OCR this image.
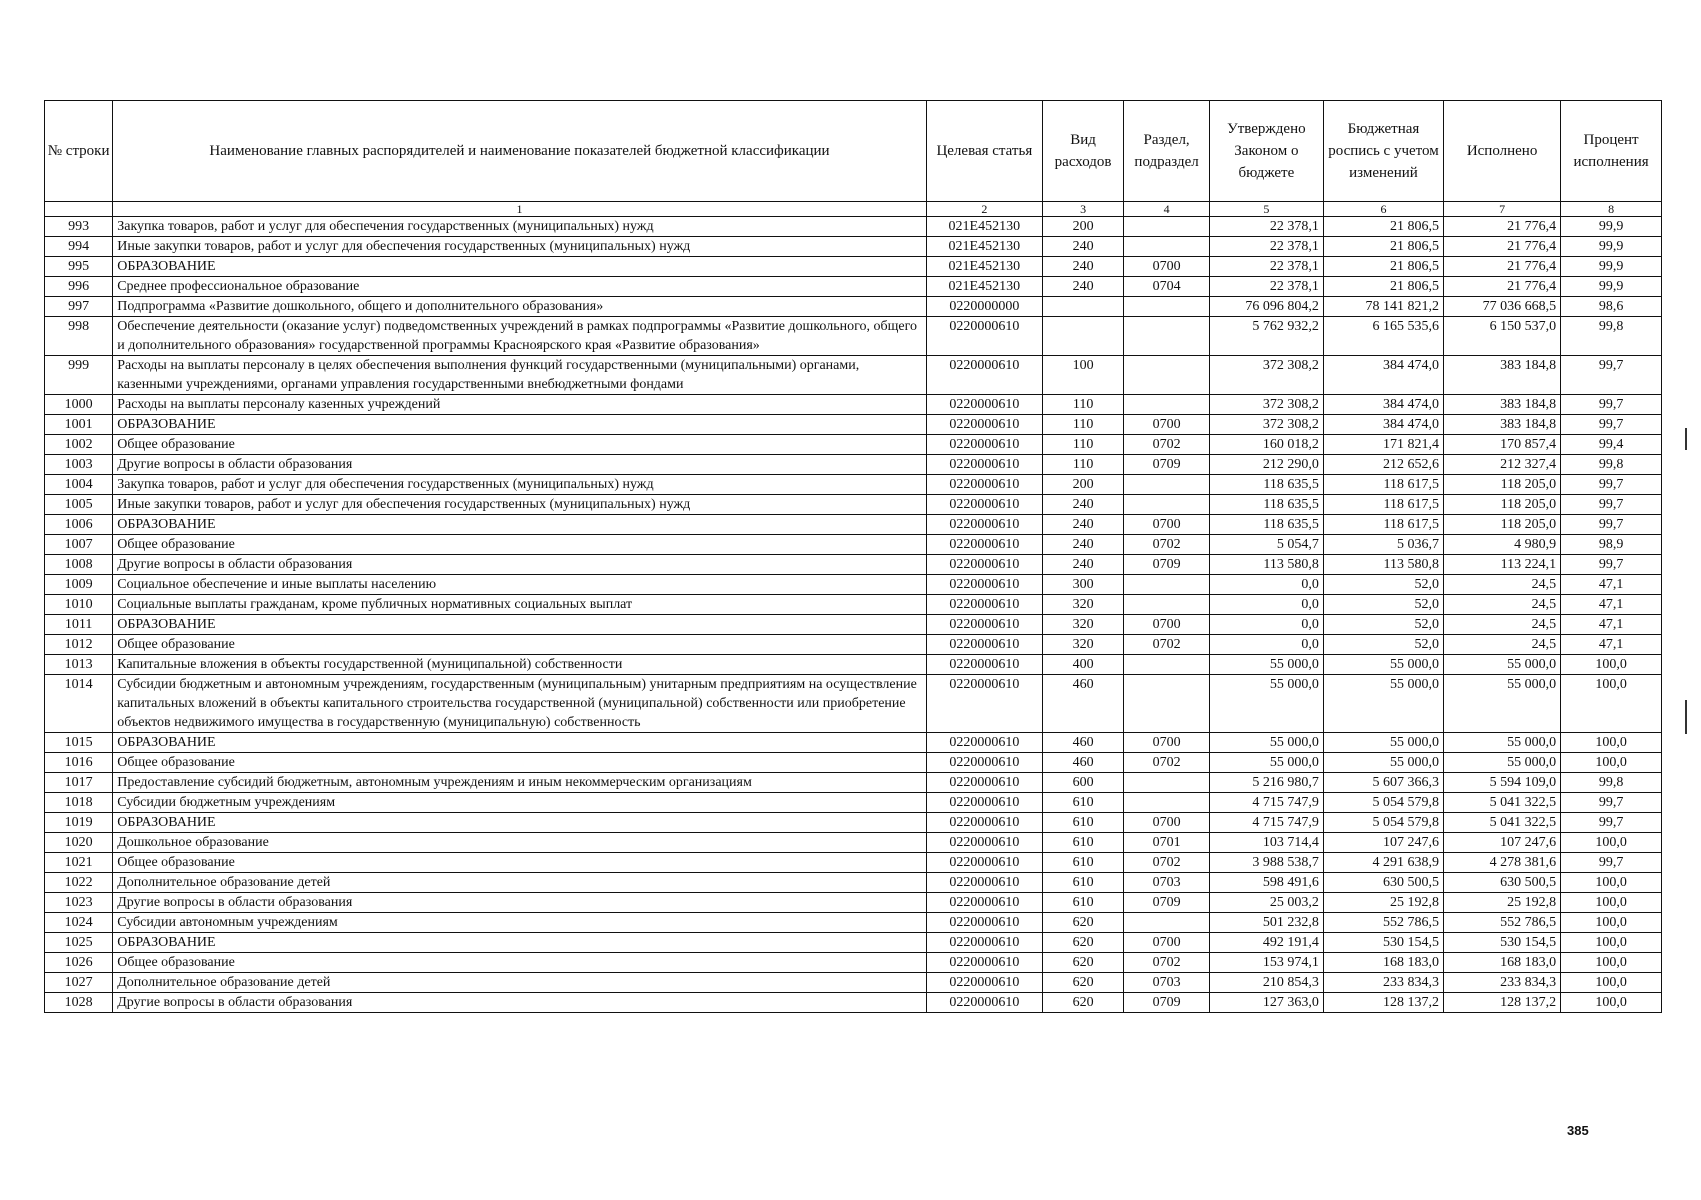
№ строки	Наименование главных распорядителей и наименование показателей бюджетной классификации	Целевая статья	Вид расходов	Раздел, подраздел	Утверждено Законом о бюджете	Бюджетная роспись с учетом изменений	Исполнено	Процент исполнения
	1	2	3	4	5	6	7	8
993	Закупка товаров, работ и услуг для обеспечения государственных (муниципальных) нужд	021E452130	200		22 378,1	21 806,5	21 776,4	99,9
994	Иные закупки товаров, работ и услуг для обеспечения государственных (муниципальных) нужд	021E452130	240		22 378,1	21 806,5	21 776,4	99,9
995	ОБРАЗОВАНИЕ	021E452130	240	0700	22 378,1	21 806,5	21 776,4	99,9
996	Среднее профессиональное образование	021E452130	240	0704	22 378,1	21 806,5	21 776,4	99,9
997	Подпрограмма «Развитие дошкольного, общего и дополнительного образования»	0220000000			76 096 804,2	78 141 821,2	77 036 668,5	98,6
998	Обеспечение деятельности (оказание услуг) подведомственных учреждений в рамках подпрограммы «Развитие дошкольного, общего и дополнительного образования» государственной программы Красноярского края «Развитие образования»	0220000610			5 762 932,2	6 165 535,6	6 150 537,0	99,8
999	Расходы на выплаты персоналу в целях обеспечения выполнения функций государственными (муниципальными) органами, казенными учреждениями, органами управления государственными внебюджетными фондами	0220000610	100		372 308,2	384 474,0	383 184,8	99,7
1000	Расходы на выплаты персоналу казенных учреждений	0220000610	110		372 308,2	384 474,0	383 184,8	99,7
1001	ОБРАЗОВАНИЕ	0220000610	110	0700	372 308,2	384 474,0	383 184,8	99,7
1002	Общее образование	0220000610	110	0702	160 018,2	171 821,4	170 857,4	99,4
1003	Другие вопросы в области образования	0220000610	110	0709	212 290,0	212 652,6	212 327,4	99,8
1004	Закупка товаров, работ и услуг для обеспечения государственных (муниципальных) нужд	0220000610	200		118 635,5	118 617,5	118 205,0	99,7
1005	Иные закупки товаров, работ и услуг для обеспечения государственных (муниципальных) нужд	0220000610	240		118 635,5	118 617,5	118 205,0	99,7
1006	ОБРАЗОВАНИЕ	0220000610	240	0700	118 635,5	118 617,5	118 205,0	99,7
1007	Общее образование	0220000610	240	0702	5 054,7	5 036,7	4 980,9	98,9
1008	Другие вопросы в области образования	0220000610	240	0709	113 580,8	113 580,8	113 224,1	99,7
1009	Социальное обеспечение и иные выплаты населению	0220000610	300		0,0	52,0	24,5	47,1
1010	Социальные выплаты гражданам, кроме публичных нормативных социальных выплат	0220000610	320		0,0	52,0	24,5	47,1
1011	ОБРАЗОВАНИЕ	0220000610	320	0700	0,0	52,0	24,5	47,1
1012	Общее образование	0220000610	320	0702	0,0	52,0	24,5	47,1
1013	Капитальные вложения в объекты государственной (муниципальной) собственности	0220000610	400		55 000,0	55 000,0	55 000,0	100,0
1014	Субсидии бюджетным и автономным учреждениям, государственным (муниципальным) унитарным предприятиям на осуществление капитальных вложений в объекты капитального строительства государственной (муниципальной) собственности или приобретение объектов недвижимого имущества в государственную (муниципальную) собственность	0220000610	460		55 000,0	55 000,0	55 000,0	100,0
1015	ОБРАЗОВАНИЕ	0220000610	460	0700	55 000,0	55 000,0	55 000,0	100,0
1016	Общее образование	0220000610	460	0702	55 000,0	55 000,0	55 000,0	100,0
1017	Предоставление субсидий бюджетным, автономным учреждениям и иным некоммерческим организациям	0220000610	600		5 216 980,7	5 607 366,3	5 594 109,0	99,8
1018	Субсидии бюджетным учреждениям	0220000610	610		4 715 747,9	5 054 579,8	5 041 322,5	99,7
1019	ОБРАЗОВАНИЕ	0220000610	610	0700	4 715 747,9	5 054 579,8	5 041 322,5	99,7
1020	Дошкольное образование	0220000610	610	0701	103 714,4	107 247,6	107 247,6	100,0
1021	Общее образование	0220000610	610	0702	3 988 538,7	4 291 638,9	4 278 381,6	99,7
1022	Дополнительное образование детей	0220000610	610	0703	598 491,6	630 500,5	630 500,5	100,0
1023	Другие вопросы в области образования	0220000610	610	0709	25 003,2	25 192,8	25 192,8	100,0
1024	Субсидии автономным учреждениям	0220000610	620		501 232,8	552 786,5	552 786,5	100,0
1025	ОБРАЗОВАНИЕ	0220000610	620	0700	492 191,4	530 154,5	530 154,5	100,0
1026	Общее образование	0220000610	620	0702	153 974,1	168 183,0	168 183,0	100,0
1027	Дополнительное образование детей	0220000610	620	0703	210 854,3	233 834,3	233 834,3	100,0
1028	Другие вопросы в области образования	0220000610	620	0709	127 363,0	128 137,2	128 137,2	100,0
385
